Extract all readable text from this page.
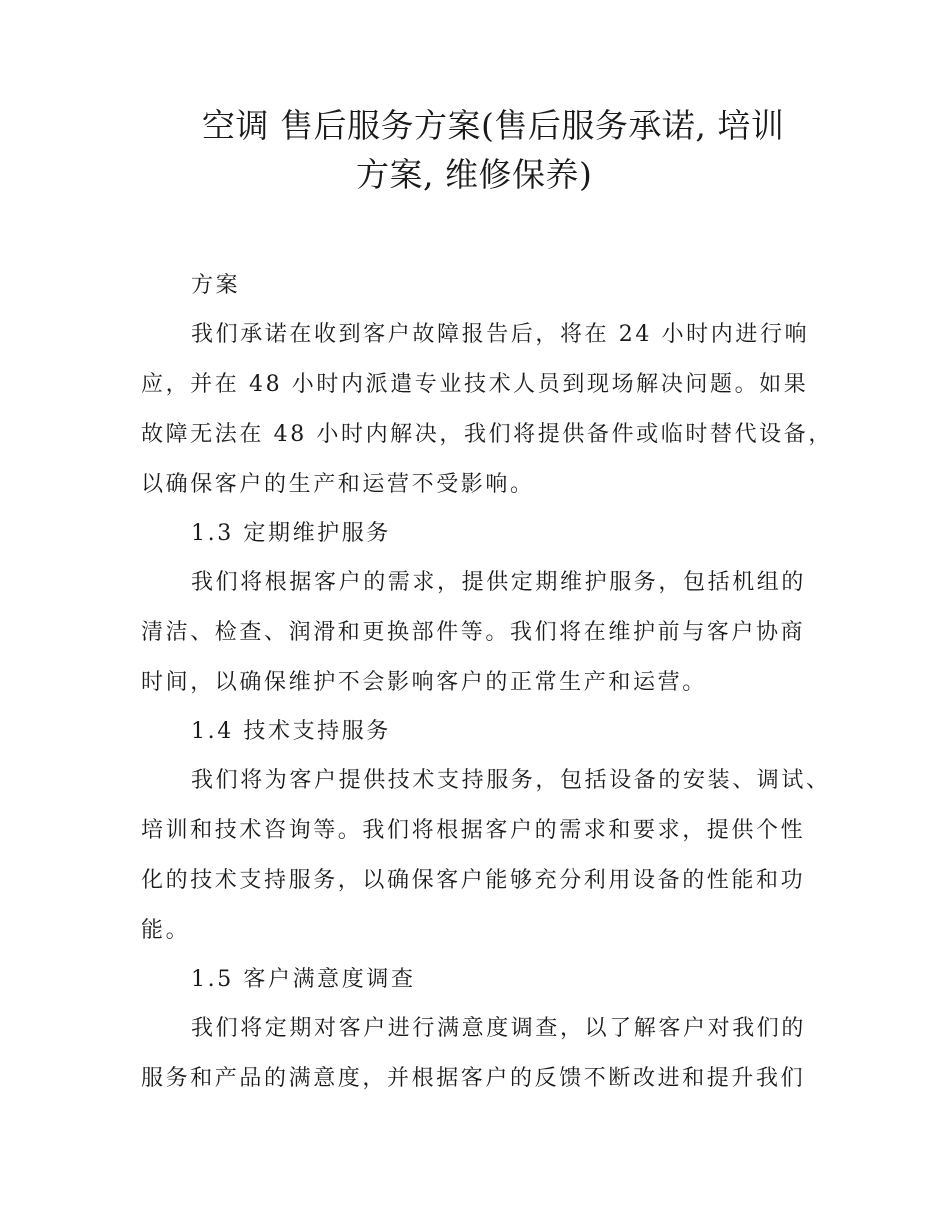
空调 售后服务方案(售后服务承诺, 培训
方案, 维修保养)
方案
我们承诺在收到客户故障报告后，将在 24 小时内进行响
应，并在 48 小时内派遣专业技术人员到现场解决问题。如果
故障无法在 48 小时内解决，我们将提供备件或临时替代设备，
以确保客户的生产和运营不受影响。
1.3 定期维护服务
我们将根据客户的需求，提供定期维护服务，包括机组的
清洁、检查、润滑和更换部件等。我们将在维护前与客户协商
时间，以确保维护不会影响客户的正常生产和运营。
1.4 技术支持服务
我们将为客户提供技术支持服务，包括设备的安装、调试、
培训和技术咨询等。我们将根据客户的需求和要求，提供个性
化的技术支持服务，以确保客户能够充分利用设备的性能和功
能。
1.5 客户满意度调查
我们将定期对客户进行满意度调查，以了解客户对我们的
服务和产品的满意度，并根据客户的反馈不断改进和提升我们
